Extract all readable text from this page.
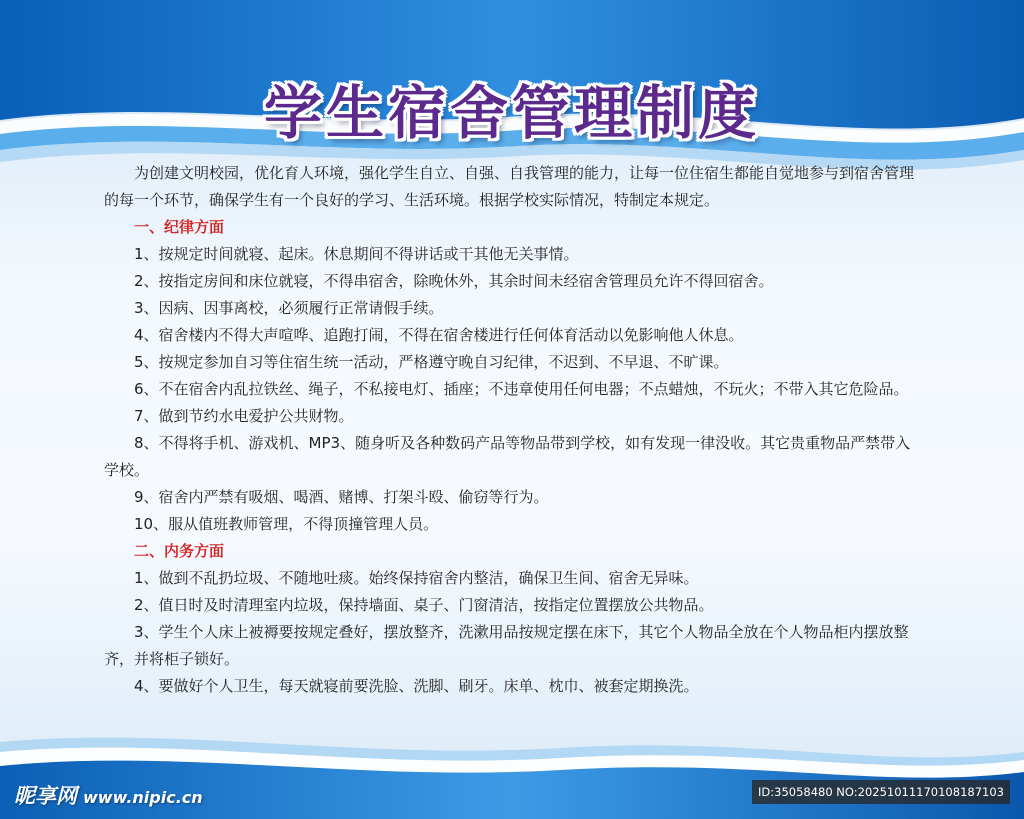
学生宿舍管理制度

为创建文明校园，优化育人环境，强化学生自立、自强、自我管理的能力，让每一位住宿生都能自觉地参与到宿舍管理的每一个环节，确保学生有一个良好的学习、生活环境。根据学校实际情况，特制定本规定。

一、纪律方面

1、按规定时间就寝、起床。休息期间不得讲话或干其他无关事情。

2、按指定房间和床位就寝，不得串宿舍，除晚休外，其余时间未经宿舍管理员允许不得回宿舍。

3、因病、因事离校，必须履行正常请假手续。

4、宿舍楼内不得大声喧哗、追跑打闹，不得在宿舍楼进行任何体育活动以免影响他人休息。

5、按规定参加自习等住宿生统一活动，严格遵守晚自习纪律，不迟到、不早退、不旷课。

6、不在宿舍内乱拉铁丝、绳子，不私接电灯、插座；不违章使用任何电器；不点蜡烛，不玩火；不带入其它危险品。

7、做到节约水电爱护公共财物。

8、不得将手机、游戏机、MP3、随身听及各种数码产品等物品带到学校，如有发现一律没收。其它贵重物品严禁带入学校。

9、宿舍内严禁有吸烟、喝酒、赌博、打架斗殴、偷窃等行为。

10、服从值班教师管理，不得顶撞管理人员。

二、内务方面

1、做到不乱扔垃圾、不随地吐痰。始终保持宿舍内整洁，确保卫生间、宿舍无异味。

2、值日时及时清理室内垃圾，保持墙面、桌子、门窗清洁，按指定位置摆放公共物品。

3、学生个人床上被褥要按规定叠好，摆放整齐，洗漱用品按规定摆在床下，其它个人物品全放在个人物品柜内摆放整齐，并将柜子锁好。

4、要做好个人卫生，每天就寝前要洗脸、洗脚、刷牙。床单、枕巾、被套定期换洗。

昵享网 www.nipic.cn	ID:35058480 NO:20251011170108187103
